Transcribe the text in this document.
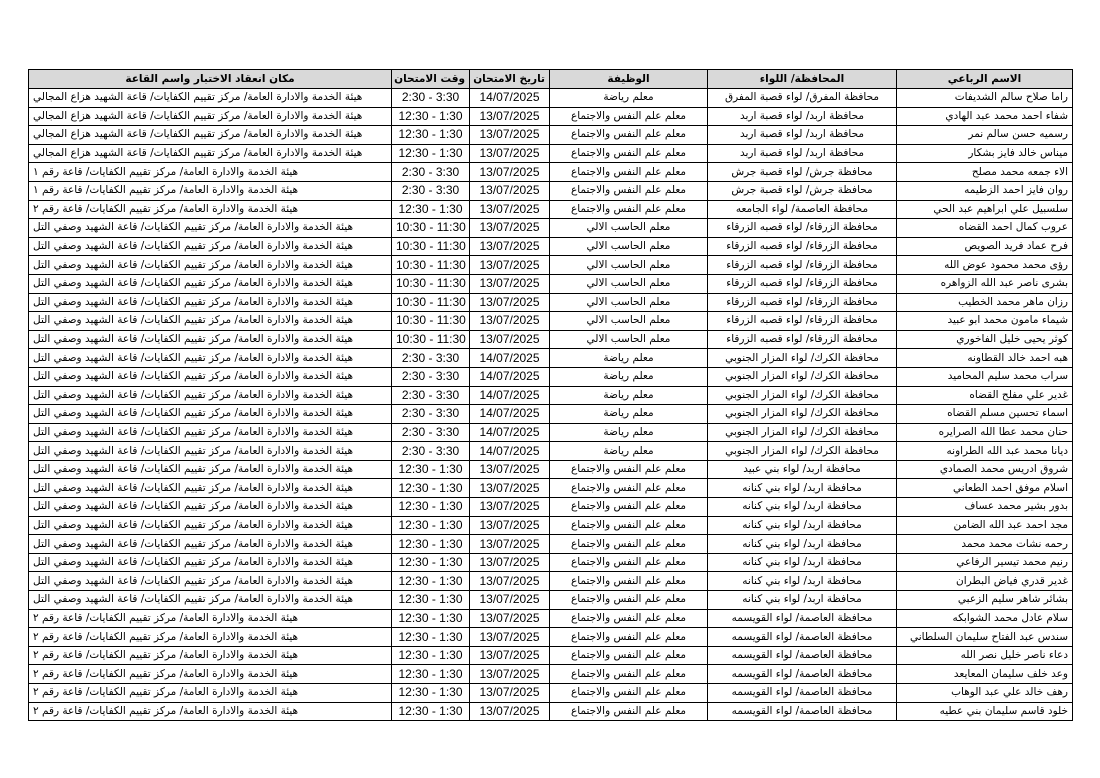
الاسم الرباعي	المحافظة/ اللواء	الوظيفة	تاريخ الامتحان	وقت الامتحان	مكان انعقاد الاختبار واسم القاعة
راما صلاح سالم الشديفات	محافظة المفرق/ لواء قصبة المفرق	معلم رياضة	14/07/2025	2:30 - 3:30	هيئة الخدمة والادارة العامة/ مركز تقييم الكفايات/ قاعة الشهيد هزاع المجالي
شفاء احمد محمد عبد الهادي	محافظة اربد/ لواء قصبة اربد	معلم علم النفس والاجتماع	13/07/2025	12:30 - 1:30	هيئة الخدمة والادارة العامة/ مركز تقييم الكفايات/ قاعة الشهيد هزاع المجالي
رسميه حسن سالم نمر	محافظة اربد/ لواء قصبة اربد	معلم علم النفس والاجتماع	13/07/2025	12:30 - 1:30	هيئة الخدمة والادارة العامة/ مركز تقييم الكفايات/ قاعة الشهيد هزاع المجالي
ميناس خالد فايز بشكار	محافظة اربد/ لواء قصبة اربد	معلم علم النفس والاجتماع	13/07/2025	12:30 - 1:30	هيئة الخدمة والادارة العامة/ مركز تقييم الكفايات/ قاعة الشهيد هزاع المجالي
الاء جمعه محمد مصلح	محافظة جرش/ لواء قصبة جرش	معلم علم النفس والاجتماع	13/07/2025	2:30 - 3:30	هيئة الخدمة والادارة العامة/ مركز تقييم الكفايات/ قاعة رقم ١
روان فايز احمد الزطيمه	محافظة جرش/ لواء قصبة جرش	معلم علم النفس والاجتماع	13/07/2025	2:30 - 3:30	هيئة الخدمة والادارة العامة/ مركز تقييم الكفايات/ قاعة رقم ١
سلسبيل علي ابراهيم عبد الحي	محافظة العاصمة/ لواء الجامعه	معلم علم النفس والاجتماع	13/07/2025	12:30 - 1:30	هيئة الخدمة والادارة العامة/ مركز تقييم الكفايات/ قاعة رقم ٢
عروب كمال احمد القضاه	محافظة الزرقاء/ لواء قصبه الزرقاء	معلم الحاسب الالي	13/07/2025	10:30 - 11:30	هيئة الخدمة والادارة العامة/ مركز تقييم الكفايات/ قاعة الشهيد وصفي التل
فرح عماد فريد الصويص	محافظة الزرقاء/ لواء قصبه الزرقاء	معلم الحاسب الالي	13/07/2025	10:30 - 11:30	هيئة الخدمة والادارة العامة/ مركز تقييم الكفايات/ قاعة الشهيد وصفي التل
رؤى محمد محمود عوض الله	محافظة الزرقاء/ لواء قصبه الزرقاء	معلم الحاسب الالي	13/07/2025	10:30 - 11:30	هيئة الخدمة والادارة العامة/ مركز تقييم الكفايات/ قاعة الشهيد وصفي التل
بشرى ناصر عبد الله الزواهره	محافظة الزرقاء/ لواء قصبه الزرقاء	معلم الحاسب الالي	13/07/2025	10:30 - 11:30	هيئة الخدمة والادارة العامة/ مركز تقييم الكفايات/ قاعة الشهيد وصفي التل
رزان ماهر محمد الخطيب	محافظة الزرقاء/ لواء قصبه الزرقاء	معلم الحاسب الالي	13/07/2025	10:30 - 11:30	هيئة الخدمة والادارة العامة/ مركز تقييم الكفايات/ قاعة الشهيد وصفي التل
شيماء مامون محمد ابو عبيد	محافظة الزرقاء/ لواء قصبه الزرقاء	معلم الحاسب الالي	13/07/2025	10:30 - 11:30	هيئة الخدمة والادارة العامة/ مركز تقييم الكفايات/ قاعة الشهيد وصفي التل
كوثر يحيى خليل الفاخوري	محافظة الزرقاء/ لواء قصبه الزرقاء	معلم الحاسب الالي	13/07/2025	10:30 - 11:30	هيئة الخدمة والادارة العامة/ مركز تقييم الكفايات/ قاعة الشهيد وصفي التل
هبه احمد خالد القطاونه	محافظة الكرك/ لواء المزار الجنوبي	معلم رياضة	14/07/2025	2:30 - 3:30	هيئة الخدمة والادارة العامة/ مركز تقييم الكفايات/ قاعة الشهيد وصفي التل
سراب محمد سليم المحاميد	محافظة الكرك/ لواء المزار الجنوبي	معلم رياضة	14/07/2025	2:30 - 3:30	هيئة الخدمة والادارة العامة/ مركز تقييم الكفايات/ قاعة الشهيد وصفي التل
غدير علي مفلح القضاه	محافظة الكرك/ لواء المزار الجنوبي	معلم رياضة	14/07/2025	2:30 - 3:30	هيئة الخدمة والادارة العامة/ مركز تقييم الكفايات/ قاعة الشهيد وصفي التل
اسماء تحسين مسلم القضاه	محافظة الكرك/ لواء المزار الجنوبي	معلم رياضة	14/07/2025	2:30 - 3:30	هيئة الخدمة والادارة العامة/ مركز تقييم الكفايات/ قاعة الشهيد وصفي التل
حنان محمد عطا الله الصرايره	محافظة الكرك/ لواء المزار الجنوبي	معلم رياضة	14/07/2025	2:30 - 3:30	هيئة الخدمة والادارة العامة/ مركز تقييم الكفايات/ قاعة الشهيد وصفي التل
ديانا محمد عبد الله الطراونه	محافظة الكرك/ لواء المزار الجنوبي	معلم رياضة	14/07/2025	2:30 - 3:30	هيئة الخدمة والادارة العامة/ مركز تقييم الكفايات/ قاعة الشهيد وصفي التل
شروق ادريس محمد الصمادي	محافظة اربد/ لواء بني عبيد	معلم علم النفس والاجتماع	13/07/2025	12:30 - 1:30	هيئة الخدمة والادارة العامة/ مركز تقييم الكفايات/ قاعة الشهيد وصفي التل
اسلام موفق احمد الطعاني	محافظة اربد/ لواء بني كنانه	معلم علم النفس والاجتماع	13/07/2025	12:30 - 1:30	هيئة الخدمة والادارة العامة/ مركز تقييم الكفايات/ قاعة الشهيد وصفي التل
بدور بشير محمد عساف	محافظة اربد/ لواء بني كنانه	معلم علم النفس والاجتماع	13/07/2025	12:30 - 1:30	هيئة الخدمة والادارة العامة/ مركز تقييم الكفايات/ قاعة الشهيد وصفي التل
مجد احمد عبد الله الضامن	محافظة اربد/ لواء بني كنانه	معلم علم النفس والاجتماع	13/07/2025	12:30 - 1:30	هيئة الخدمة والادارة العامة/ مركز تقييم الكفايات/ قاعة الشهيد وصفي التل
رحمه نشات محمد محمد	محافظة اربد/ لواء بني كنانه	معلم علم النفس والاجتماع	13/07/2025	12:30 - 1:30	هيئة الخدمة والادارة العامة/ مركز تقييم الكفايات/ قاعة الشهيد وصفي التل
رنيم محمد تيسير الرفاعي	محافظة اربد/ لواء بني كنانه	معلم علم النفس والاجتماع	13/07/2025	12:30 - 1:30	هيئة الخدمة والادارة العامة/ مركز تقييم الكفايات/ قاعة الشهيد وصفي التل
غدير قدري فياض البطران	محافظة اربد/ لواء بني كنانه	معلم علم النفس والاجتماع	13/07/2025	12:30 - 1:30	هيئة الخدمة والادارة العامة/ مركز تقييم الكفايات/ قاعة الشهيد وصفي التل
بشائر شاهر سليم الزعبي	محافظة اربد/ لواء بني كنانه	معلم علم النفس والاجتماع	13/07/2025	12:30 - 1:30	هيئة الخدمة والادارة العامة/ مركز تقييم الكفايات/ قاعة الشهيد وصفي التل
سلام عادل محمد الشوابكه	محافظة العاصمة/ لواء القويسمه	معلم علم النفس والاجتماع	13/07/2025	12:30 - 1:30	هيئة الخدمة والادارة العامة/ مركز تقييم الكفايات/ قاعة رقم ٢
سندس عبد الفتاح سليمان السلطاني	محافظة العاصمة/ لواء القويسمه	معلم علم النفس والاجتماع	13/07/2025	12:30 - 1:30	هيئة الخدمة والادارة العامة/ مركز تقييم الكفايات/ قاعة رقم ٢
دعاء ناصر خليل نصر الله	محافظة العاصمة/ لواء القويسمه	معلم علم النفس والاجتماع	13/07/2025	12:30 - 1:30	هيئة الخدمة والادارة العامة/ مركز تقييم الكفايات/ قاعة رقم ٢
وعد خلف سليمان المعايعد	محافظة العاصمة/ لواء القويسمه	معلم علم النفس والاجتماع	13/07/2025	12:30 - 1:30	هيئة الخدمة والادارة العامة/ مركز تقييم الكفايات/ قاعة رقم ٢
رهف خالد علي عبد الوهاب	محافظة العاصمة/ لواء القويسمه	معلم علم النفس والاجتماع	13/07/2025	12:30 - 1:30	هيئة الخدمة والادارة العامة/ مركز تقييم الكفايات/ قاعة رقم ٢
خلود قاسم سليمان بني عطيه	محافظة العاصمة/ لواء القويسمه	معلم علم النفس والاجتماع	13/07/2025	12:30 - 1:30	هيئة الخدمة والادارة العامة/ مركز تقييم الكفايات/ قاعة رقم ٢
